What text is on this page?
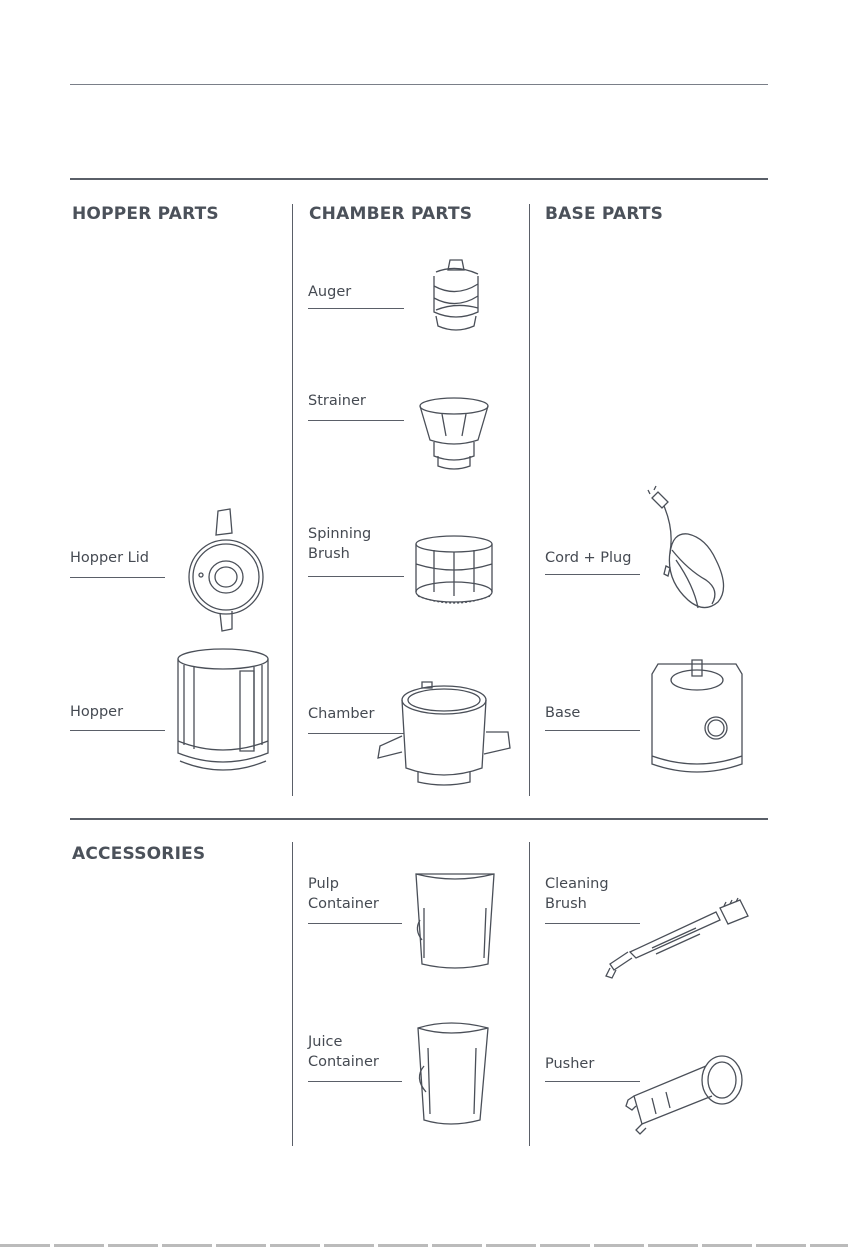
HOPPER PARTS	CHAMBER PARTS	BASE PARTS
ACCESSORIES
Hopper Lid
Hopper
Auger
Strainer
Spinning
Brush
Chamber
Cord + Plug
Base
Pulp
Container
Juice
Container
Cleaning
Brush
Pusher
